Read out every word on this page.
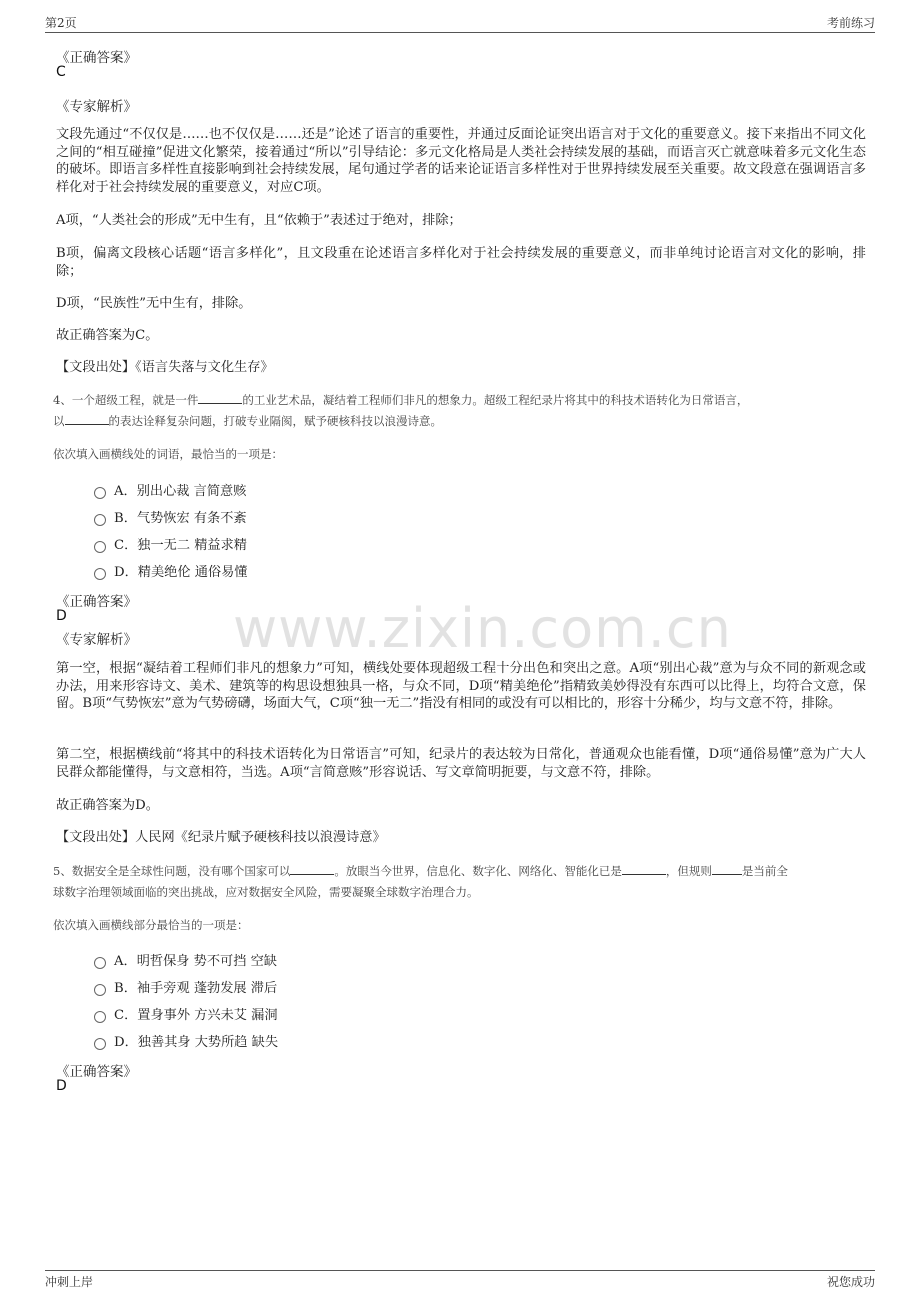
第2页	考前练习
www.zixin.com.cn
《正确答案》
C
《专家解析》
文段先通过“不仅仅是……也不仅仅是……还是”论述了语言的重要性，并通过反面论证突出语言对于文化的重要意义。接下来指出不同文化之间的“相互碰撞”促进文化繁荣，接着通过“所以”引导结论：多元文化格局是人类社会持续发展的基础，而语言灭亡就意味着多元文化生态的破坏。即语言多样性直接影响到社会持续发展，尾句通过学者的话来论证语言多样性对于世界持续发展至关重要。故文段意在强调语言多样化对于社会持续发展的重要意义，对应C项。
A项，“人类社会的形成”无中生有，且“依赖于”表述过于绝对，排除；
B项，偏离文段核心话题“语言多样化”，且文段重在论述语言多样化对于社会持续发展的重要意义，而非单纯讨论语言对文化的影响，排除；
D项，“民族性”无中生有，排除。
故正确答案为C。
【文段出处】《语言失落与文化生存》
4、一个超级工程，就是一件	的工业艺术品，凝结着工程师们非凡的想象力。超级工程纪录片将其中的科技术语转化为日常语言，
以	的表达诠释复杂问题，打破专业隔阂，赋予硬核科技以浪漫诗意。
依次填入画横线处的词语，最恰当的一项是：
A．别出心裁 言简意赅
B．气势恢宏 有条不紊
C．独一无二 精益求精
D．精美绝伦 通俗易懂
《正确答案》
D
《专家解析》
第一空，根据“凝结着工程师们非凡的想象力”可知，横线处要体现超级工程十分出色和突出之意。A项“别出心裁”意为与众不同的新观念或办法，用来形容诗文、美术、建筑等的构思设想独具一格，与众不同，D项“精美绝伦”指精致美妙得没有东西可以比得上，均符合文意，保留。B项“气势恢宏”意为气势磅礴，场面大气，C项“独一无二”指没有相同的或没有可以相比的，形容十分稀少，均与文意不符，排除。
第二空，根据横线前“将其中的科技术语转化为日常语言”可知，纪录片的表达较为日常化，普通观众也能看懂，D项“通俗易懂”意为广大人民群众都能懂得，与文意相符，当选。A项“言简意赅”形容说话、写文章简明扼要，与文意不符，排除。
故正确答案为D。
【文段出处】人民网《纪录片赋予硬核科技以浪漫诗意》
5、数据安全是全球性问题，没有哪个国家可以	。放眼当今世界，信息化、数字化、网络化、智能化已是	，但规则	是当前全
球数字治理领域面临的突出挑战，应对数据安全风险，需要凝聚全球数字治理合力。
依次填入画横线部分最恰当的一项是：
A．明哲保身 势不可挡 空缺
B．袖手旁观 蓬勃发展 滞后
C．置身事外 方兴未艾 漏洞
D．独善其身 大势所趋 缺失
《正确答案》
D
冲刺上岸	祝您成功
